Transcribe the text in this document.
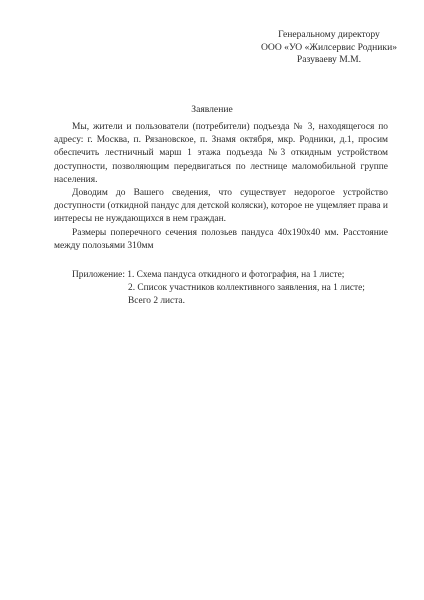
Генеральному директору
ООО «УО «Жилсервис Родники»
Разуваеву М.М.
Заявление

Мы, жители и пользователи (потребители) подъезда № 3, находящегося по адресу: г. Москва, п. Рязановское, п. Знамя октября, мкр. Родники, д.1, просим обеспечить лестничный марш 1 этажа подъезда №3 откидным устройством доступности, позволяющим передвигаться по лестнице маломобильной группе населения.

Доводим до Вашего сведения, что существует недорогое устройство доступности (откидной пандус для детской коляски), которое не ущемляет права и интересы не нуждающихся в нем граждан.

Размеры поперечного сечения полозьев пандуса 40х190х40 мм. Расстояние между полозьями 310мм

Приложение: 1. Схема пандуса откидного и фотография, на 1 листе;
2. Список участников коллективного заявления, на 1 листе;
Всего 2 листа.
